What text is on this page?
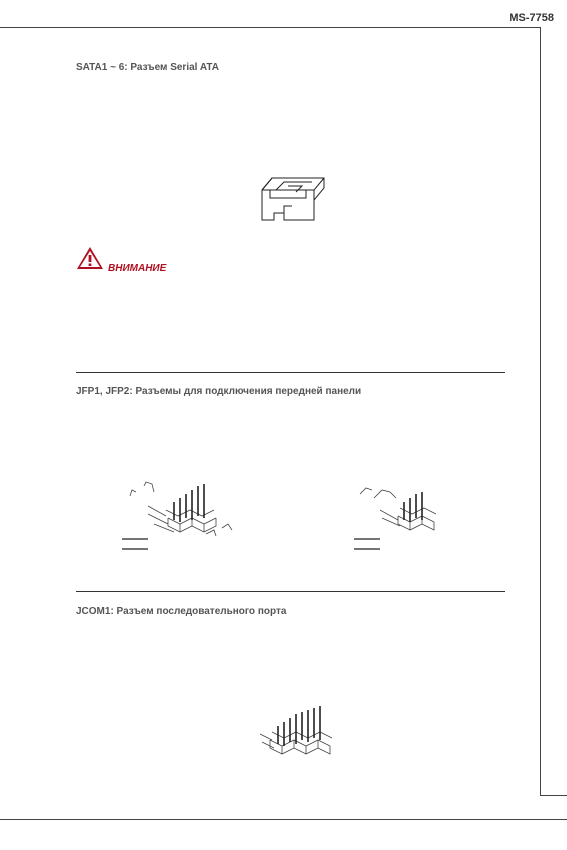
MS-7758
SATA1 ~ 6: Разъем Serial ATA
ВНИМАНИЕ
JFP1, JFP2: Разъемы для подключения передней панели
JCOM1: Разъем последовательного порта
